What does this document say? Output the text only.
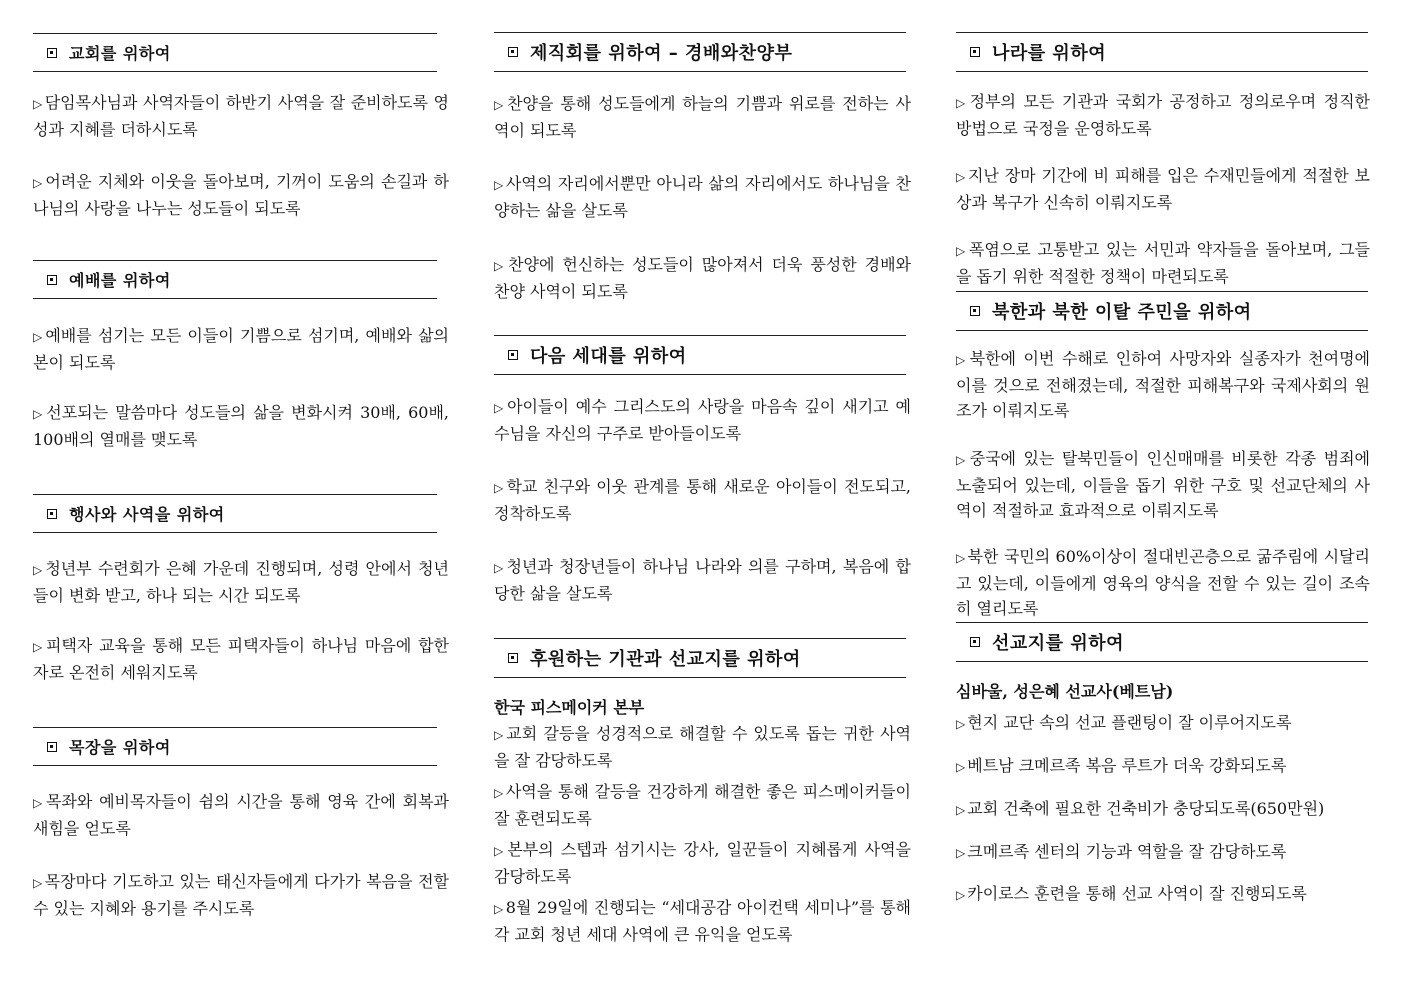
교회를 위하여

▷ 담임목사님과 사역자들이 하반기 사역을 잘 준비하도록 영성과 지혜를 더하시도록

▷ 어려운 지체와 이웃을 돌아보며, 기꺼이 도움의 손길과 하나님의 사랑을 나누는 성도들이 되도록

예배를 위하여

▷ 예배를 섬기는 모든 이들이 기쁨으로 섬기며, 예배와 삶의 본이 되도록

▷ 선포되는 말씀마다 성도들의 삶을 변화시켜 30배, 60배, 100배의 열매를 맺도록

행사와 사역을 위하여

▷ 청년부 수련회가 은혜 가운데 진행되며, 성령 안에서 청년들이 변화 받고, 하나 되는 시간 되도록

▷ 피택자 교육을 통해 모든 피택자들이 하나님 마음에 합한 자로 온전히 세워지도록

목장을 위하여

▷ 목좌와 예비목자들이 쉼의 시간을 통해 영육 간에 회복과 새힘을 얻도록

▷ 목장마다 기도하고 있는 태신자들에게 다가가 복음을 전할 수 있는 지혜와 용기를 주시도록

제직회를 위하여 – 경배와찬양부

▷ 찬양을 통해 성도들에게 하늘의 기쁨과 위로를 전하는 사역이 되도록

▷ 사역의 자리에서뿐만 아니라 삶의 자리에서도 하나님을 찬양하는 삶을 살도록

▷ 찬양에 헌신하는 성도들이 많아져서 더욱 풍성한 경배와 찬양 사역이 되도록

다음 세대를 위하여

▷ 아이들이 예수 그리스도의 사랑을 마음속 깊이 새기고 예수님을 자신의 구주로 받아들이도록

▷ 학교 친구와 이웃 관계를 통해 새로운 아이들이 전도되고, 정착하도록

▷ 청년과 청장년들이 하나님 나라와 의를 구하며, 복음에 합당한 삶을 살도록

후원하는 기관과 선교지를 위하여

한국 피스메이커 본부

▷ 교회 갈등을 성경적으로 해결할 수 있도록 돕는 귀한 사역을 잘 감당하도록

▷ 사역을 통해 갈등을 건강하게 해결한 좋은 피스메이커들이 잘 훈련되도록

▷ 본부의 스텝과 섬기시는 강사, 일꾼들이 지혜롭게 사역을 감당하도록

▷ 8월 29일에 진행되는 “세대공감 아이컨택 세미나”를 통해 각 교회 청년 세대 사역에 큰 유익을 얻도록

나라를 위하여

▷ 정부의 모든 기관과 국회가 공정하고 정의로우며 정직한 방법으로 국정을 운영하도록

▷ 지난 장마 기간에 비 피해를 입은 수재민들에게 적절한 보상과 복구가 신속히 이뤄지도록

▷ 폭염으로 고통받고 있는 서민과 약자들을 돌아보며, 그들을 돕기 위한 적절한 정책이 마련되도록

북한과 북한 이탈 주민을 위하여

▷ 북한에 이번 수해로 인하여 사망자와 실종자가 천여명에 이를 것으로 전해졌는데, 적절한 피해복구와 국제사회의 원조가 이뤄지도록

▷ 중국에 있는 탈북민들이 인신매매를 비롯한 각종 범죄에 노출되어 있는데, 이들을 돕기 위한 구호 및 선교단체의 사역이 적절하교 효과적으로 이뤄지도록

▷ 북한 국민의 60%이상이 절대빈곤층으로 굶주림에 시달리고 있는데, 이들에게 영육의 양식을 전할 수 있는 길이 조속히 열리도록

선교지를 위하여

심바울, 성은혜 선교사(베트남)

▷ 현지 교단 속의 선교 플랜팅이 잘 이루어지도록

▷ 베트남 크메르족 복음 루트가 더욱 강화되도록

▷ 교회 건축에 필요한 건축비가 충당되도록(650만원)

▷ 크메르족 센터의 기능과 역할을 잘 감당하도록

▷ 카이로스 훈련을 통해 선교 사역이 잘 진행되도록
